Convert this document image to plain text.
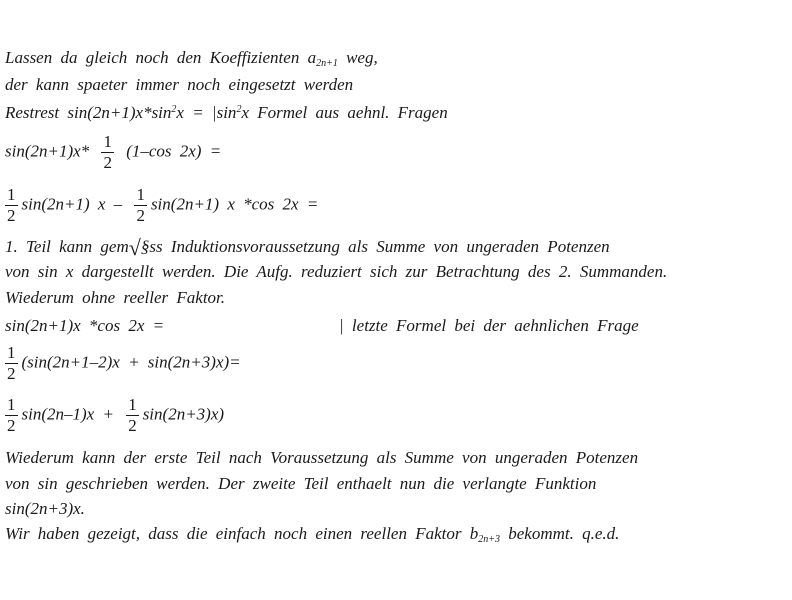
Lassen da gleich noch den Koeffizienten $a_{2n+1}$ weg,
der kann spaeter immer noch eingesetzt werden
Restrest $\sin(2n+1)x*\sin^2x = |\sin^2x$ Formel aus aehnl. Fragen
$\sin(2n+1)x* \frac{1}{2} (1-\cos$ 2x) =
$\frac{1}{2} \sin(2n+1)$ $x - \frac{1}{2} \sin(2n+1)$ x *cos 2x =
1. Teil kann gem√§ss Induktionsvoraussetzung als Summe von ungeraden Potenzen
von sin x dargestellt werden. Die Aufg. reduziert sich zur Betrachtung des 2. Summanden.
Wiederum ohne reeller Faktor.
sin(2n+1)x *cos 2x =	| letzte Formel bei der aehnlichen Frage
$\frac{1}{2} (\sin(2n+1-2)x + \sin(2n+3)x)=$
$\frac{1}{2} \sin(2n-1)x + \frac{1}{2} \sin(2n+3)x$)
Wiederum kann der erste Teil nach Voraussetzung als Summe von ungeraden Potenzen
von sin geschrieben werden. Der zweite Teil enthaelt nun die verlangte Funktion
sin(2n+3)x.
Wir haben gezeigt, dass die einfach noch einen reellen Faktor $b_{2n+3}$ bekommt. q.e.d.
